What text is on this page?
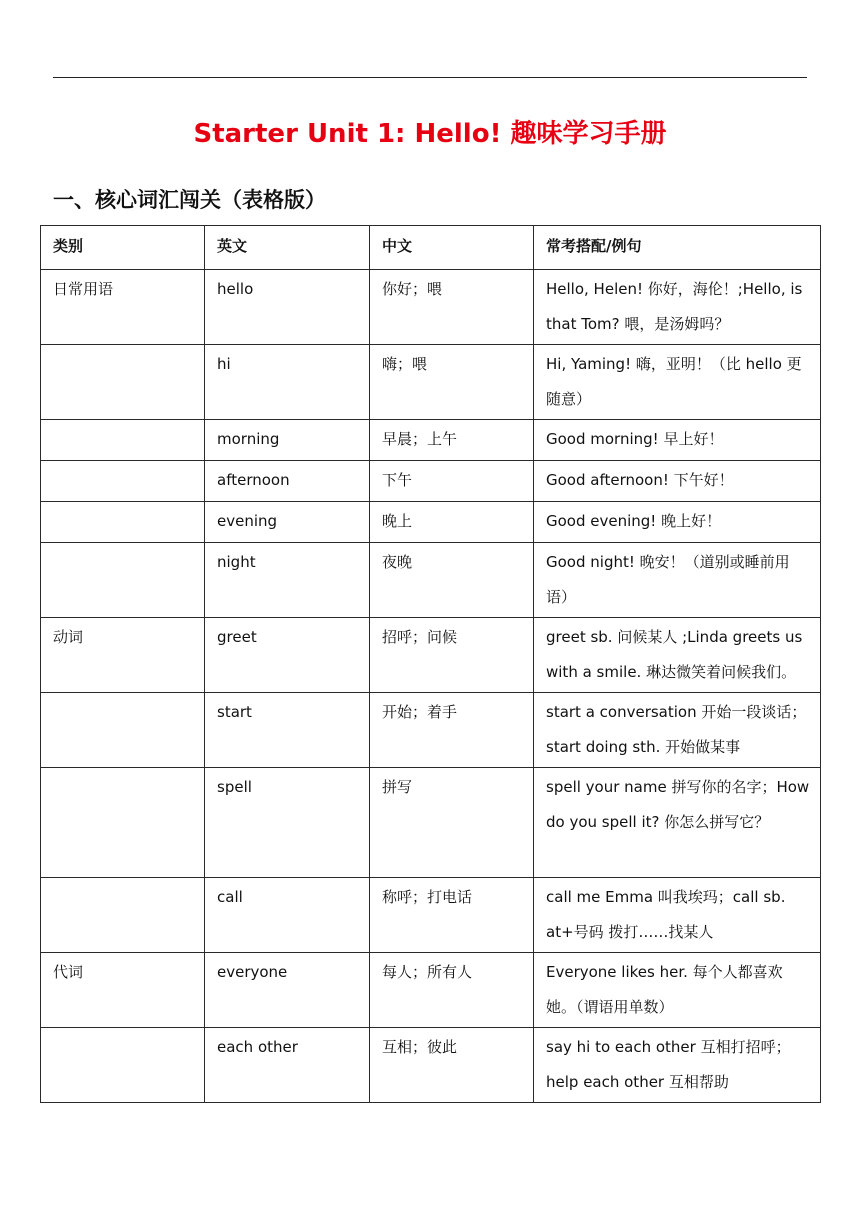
Starter Unit 1: Hello! 趣味学习手册
一、核心词汇闯关（表格版）
类别	英文	中文	常考搭配/例句
日常用语	hello	你好；喂	Hello, Helen! 你好，海伦！;Hello, is that Tom? 喂，是汤姆吗？
	hi	嗨；喂	Hi, Yaming! 嗨，亚明！（比 hello 更随意）
	morning	早晨；上午	Good morning! 早上好！
	afternoon	下午	Good afternoon! 下午好！
	evening	晚上	Good evening! 晚上好！
	night	夜晚	Good night! 晚安！（道别或睡前用语）
动词	greet	招呼；问候	greet sb. 问候某人 ;Linda greets us with a smile. 琳达微笑着问候我们。
	start	开始；着手	start a conversation 开始一段谈话；start doing sth. 开始做某事
	spell	拼写	spell your name 拼写你的名字；How do you spell it? 你怎么拼写它？
	call	称呼；打电话	call me Emma 叫我埃玛；call sb. at+号码 拨打……找某人
代词	everyone	每人；所有人	Everyone likes her. 每个人都喜欢她。（谓语用单数）
	each other	互相；彼此	say hi to each other 互相打招呼；help each other 互相帮助
